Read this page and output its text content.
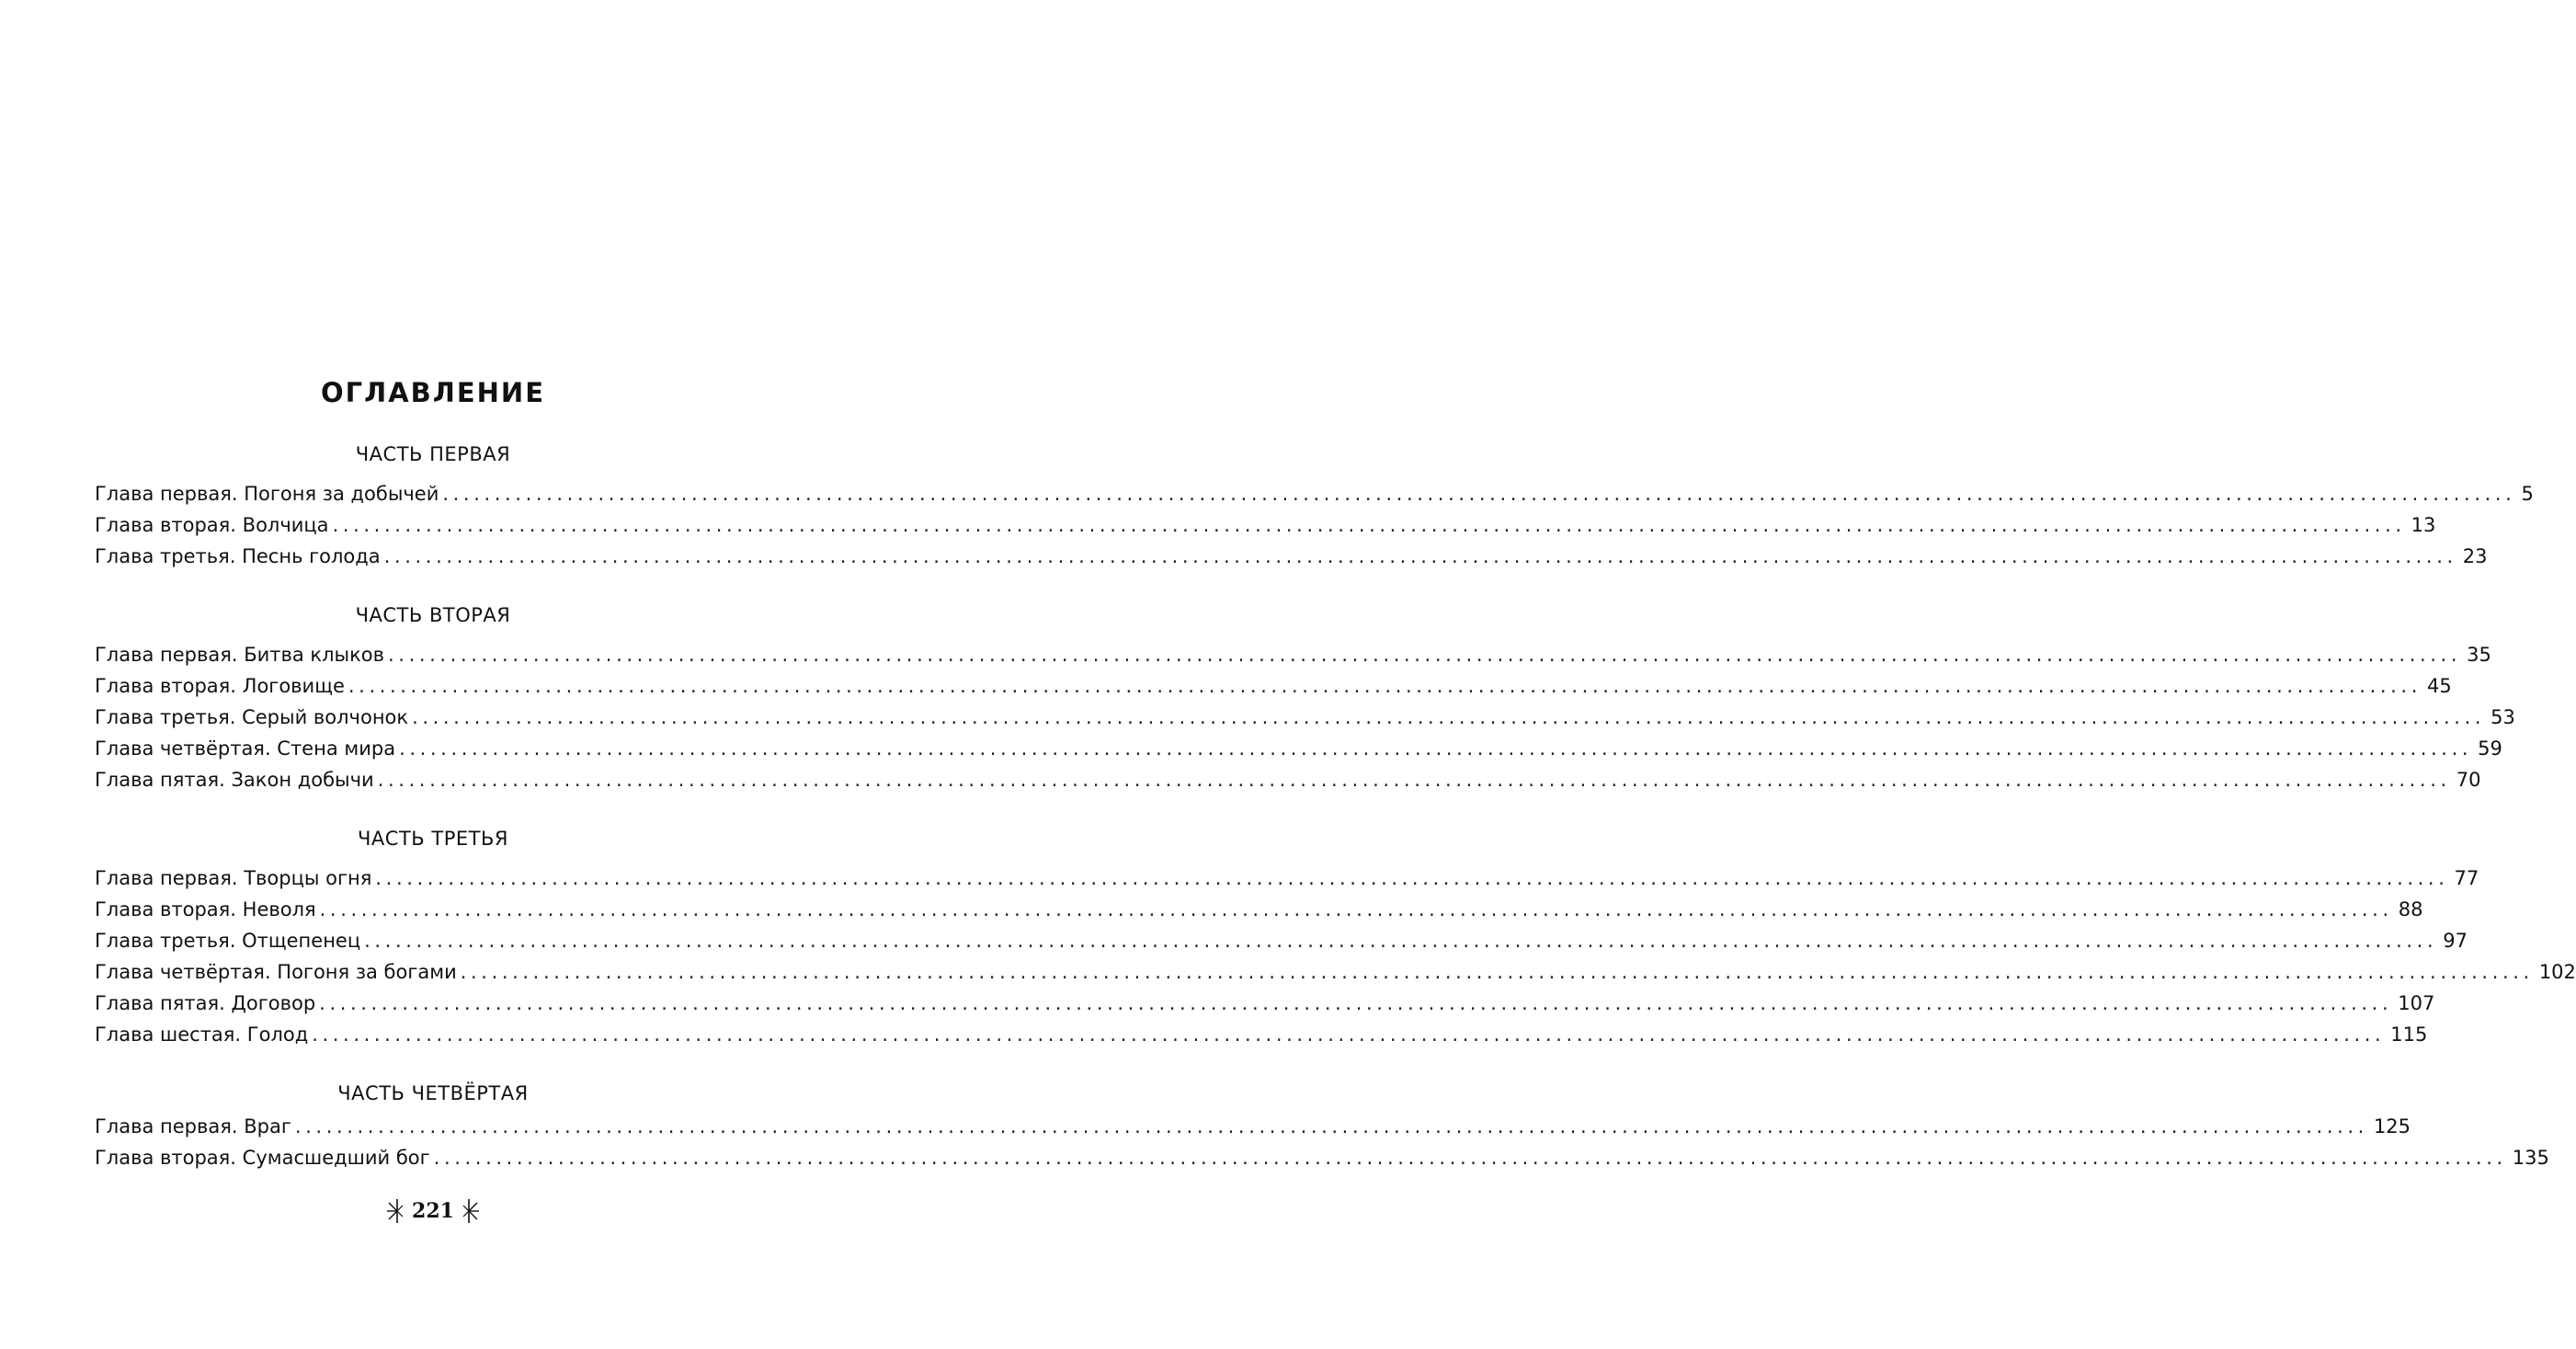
ОГЛАВЛЕНИЕ
ЧАСТЬ ПЕРВАЯ
Глава первая. Погоня за добычей ........................................................................................................................................................................................................ 5
Глава вторая. Волчица ........................................................................................................................................................................................................ 13
Глава третья. Песнь голода ........................................................................................................................................................................................................ 23
ЧАСТЬ ВТОРАЯ
Глава первая. Битва клыков ........................................................................................................................................................................................................ 35
Глава вторая. Логовище ........................................................................................................................................................................................................ 45
Глава третья. Серый волчонок ........................................................................................................................................................................................................ 53
Глава четвёртая. Стена мира ........................................................................................................................................................................................................ 59
Глава пятая. Закон добычи ........................................................................................................................................................................................................ 70
ЧАСТЬ ТРЕТЬЯ
Глава первая. Творцы огня ........................................................................................................................................................................................................ 77
Глава вторая. Неволя ........................................................................................................................................................................................................ 88
Глава третья. Отщепенец ........................................................................................................................................................................................................ 97
Глава четвёртая. Погоня за богами ........................................................................................................................................................................................................ 102
Глава пятая. Договор ........................................................................................................................................................................................................ 107
Глава шестая. Голод ........................................................................................................................................................................................................ 115
ЧАСТЬ ЧЕТВЁРТАЯ
Глава первая. Враг ........................................................................................................................................................................................................ 125
Глава вторая. Сумасшедший бог ........................................................................................................................................................................................................ 135
221
